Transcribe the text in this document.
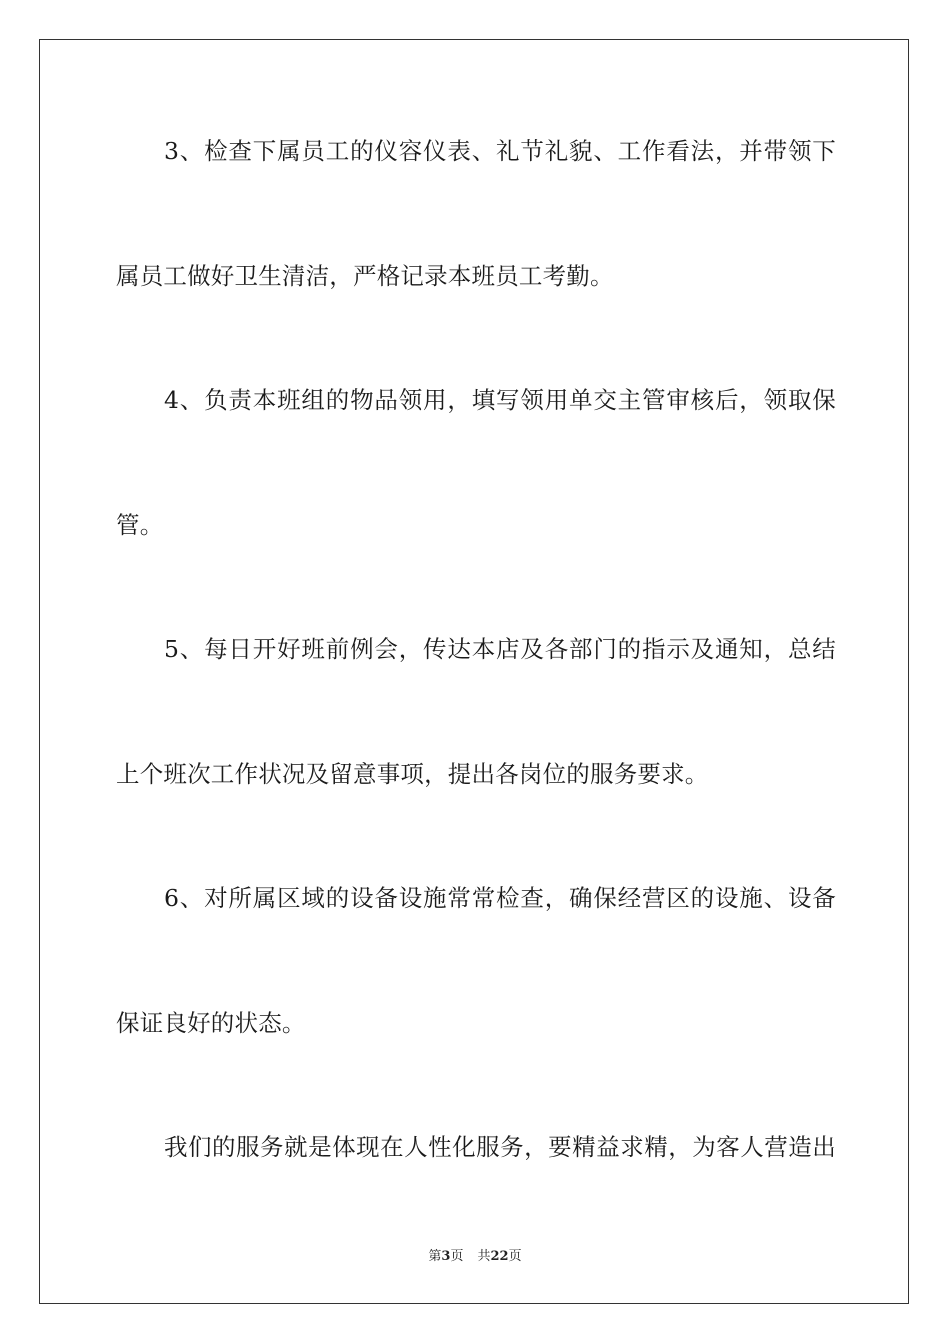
3、检查下属员工的仪容仪表、礼节礼貌、工作看法，并带领下
属员工做好卫生清洁，严格记录本班员工考勤。
4、负责本班组的物品领用，填写领用单交主管审核后，领取保
管。
5、每日开好班前例会，传达本店及各部门的指示及通知，总结
上个班次工作状况及留意事项，提出各岗位的服务要求。
6、对所属区域的设备设施常常检查，确保经营区的设施、设备
保证良好的状态。
我们的服务就是体现在人性化服务，要精益求精，为客人营造出
第3页 共22页
